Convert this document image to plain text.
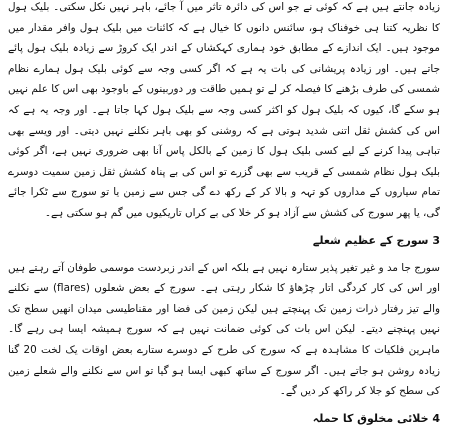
زیادہ جانتے ہیں ہے کہ کوئی نے جو اس کی دائرہ تاثر میں آ جائے، باہر نہیں نکل سکتی۔ بلیک ہول کا نظریہ کتنا ہی خوفناک ہو، سائنس دانوں کا خیال ہے کہ کائنات میں بلیک ہول وافر مقدار میں موجود ہیں۔ ایک اندازے کے مطابق خود ہماری کہکشاں کے اندر ایک کروڑ سے زیادہ بلیک ہول پائے جاتے ہیں۔ اور زیادہ پریشانی کی بات یہ ہے کہ اگر کسی وجہ سے کوئی بلیک ہول ہمارے نظام شمسی کی طرف بڑھنے کا فیصلہ کر لے تو ہمیں طاقت ور دوربینوں کے باوجود بھی اس کا علم نہیں ہو سکے گا، کیوں کہ بلیک ہول کو اکثر کسی وجہ سے بلیک ہول کہا جاتا ہے۔ اور وجہ یہ ہے کہ اس کی کشش ثقل اتنی شدید ہوتی ہے کہ روشنی کو بھی باہر نکلنے نہیں دیتی۔ اور ویسے بھی تباہی پیدا کرنے کے لیے کسی بلیک ہول کا زمین کے بالکل پاس آنا بھی ضروری نہیں ہے، اگر کوئی بلیک ہول نظام شمسی کے قریب سے بھی گزرے تو اس کی بے پناہ کشش ثقل زمین سمیت دوسرے تمام سیاروں کے مداروں کو تہہ و بالا کر کے رکھ دے گی جس سے زمین یا تو سورج سے ٹکرا جائے گی، یا پھر سورج کی کشش سے آزاد ہو کر خلا کی بے کراں تاریکیوں میں گم ہو سکتی ہے۔

3 سورج کے عظیم شعلے

سورج جا مد و غیر تغیر پذیر ستارہ نہیں ہے بلکہ اس کے اندر زبردست موسمی طوفان آتے رہتے ہیں اور اس کی کار کردگی اتار چڑھاؤ کا شکار رہتی ہے۔ سورج کے بعض شعلوں (flares) سے نکلنے والے تیز رفتار ذرات زمین تک پہنچتے ہیں لیکن زمین کی فضا اور مقناطیسی میدان انھیں سطح تک نہیں پہنچنے دیتے۔ لیکن اس بات کی کوئی ضمانت نہیں ہے کہ سورج ہمیشہ ایسا ہی رہے گا۔ ماہرین فلکیات کا مشاہدہ ہے کہ سورج کی طرح کے دوسرے ستارے بعض اوقات یک لخت 20 گنا زیادہ روشن ہو جاتے ہیں۔ اگر سورج کے ساتھ کبھی ایسا ہو گیا تو اس سے نکلنے والے شعلے زمین کی سطح کو جلا کر راکھ کر دیں گے۔

4 خلائی مخلوق کا حملہ
